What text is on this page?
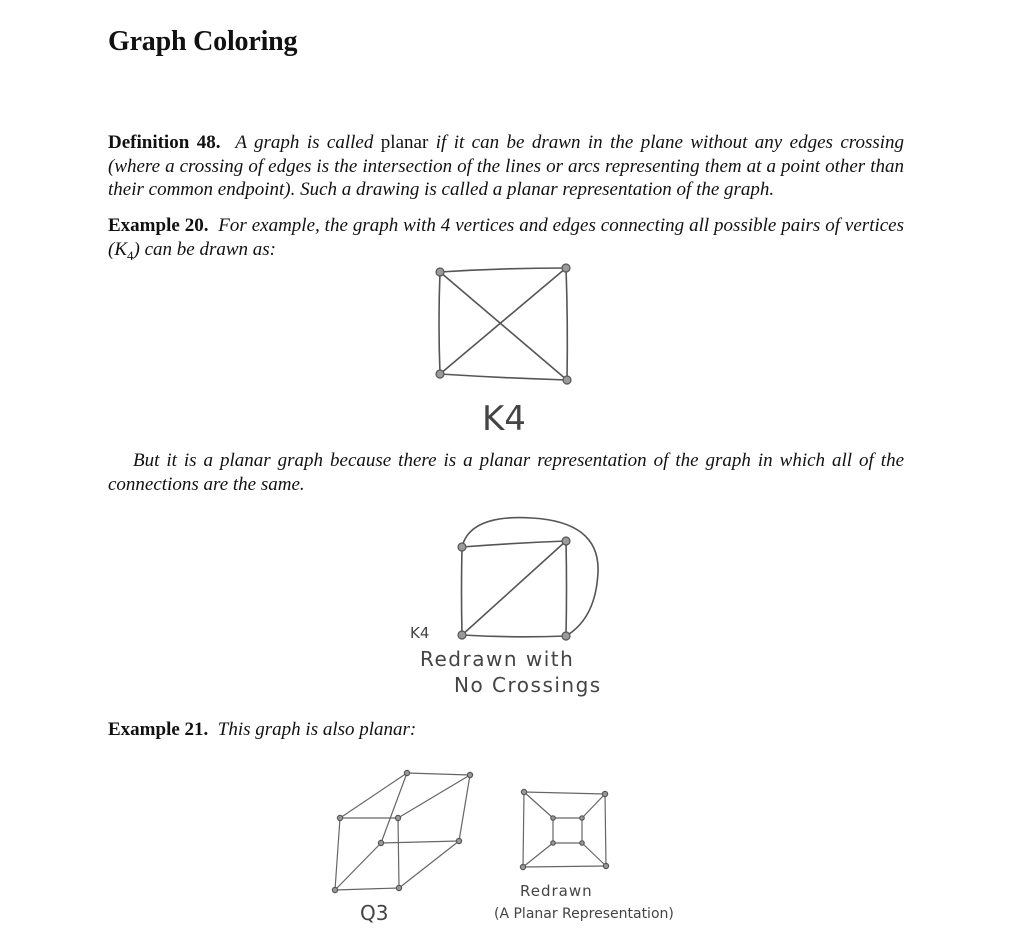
Graph Coloring

Definition 48. A graph is called planar if it can be drawn in the plane without any edges crossing (where a crossing of edges is the intersection of the lines or arcs representing them at a point other than their common endpoint). Such a drawing is called a planar representation of the graph.

Example 20. For example, the graph with 4 vertices and edges connecting all possible pairs of vertices $(K_4)$ can be drawn as:

But it is a planar graph because there is a planar representation of the graph in which all of the connections are the same.

Example 21. This graph is also planar:

K4
K4
Redrawn with
No Crossings
Q3
Redrawn
(A Planar Representation)
